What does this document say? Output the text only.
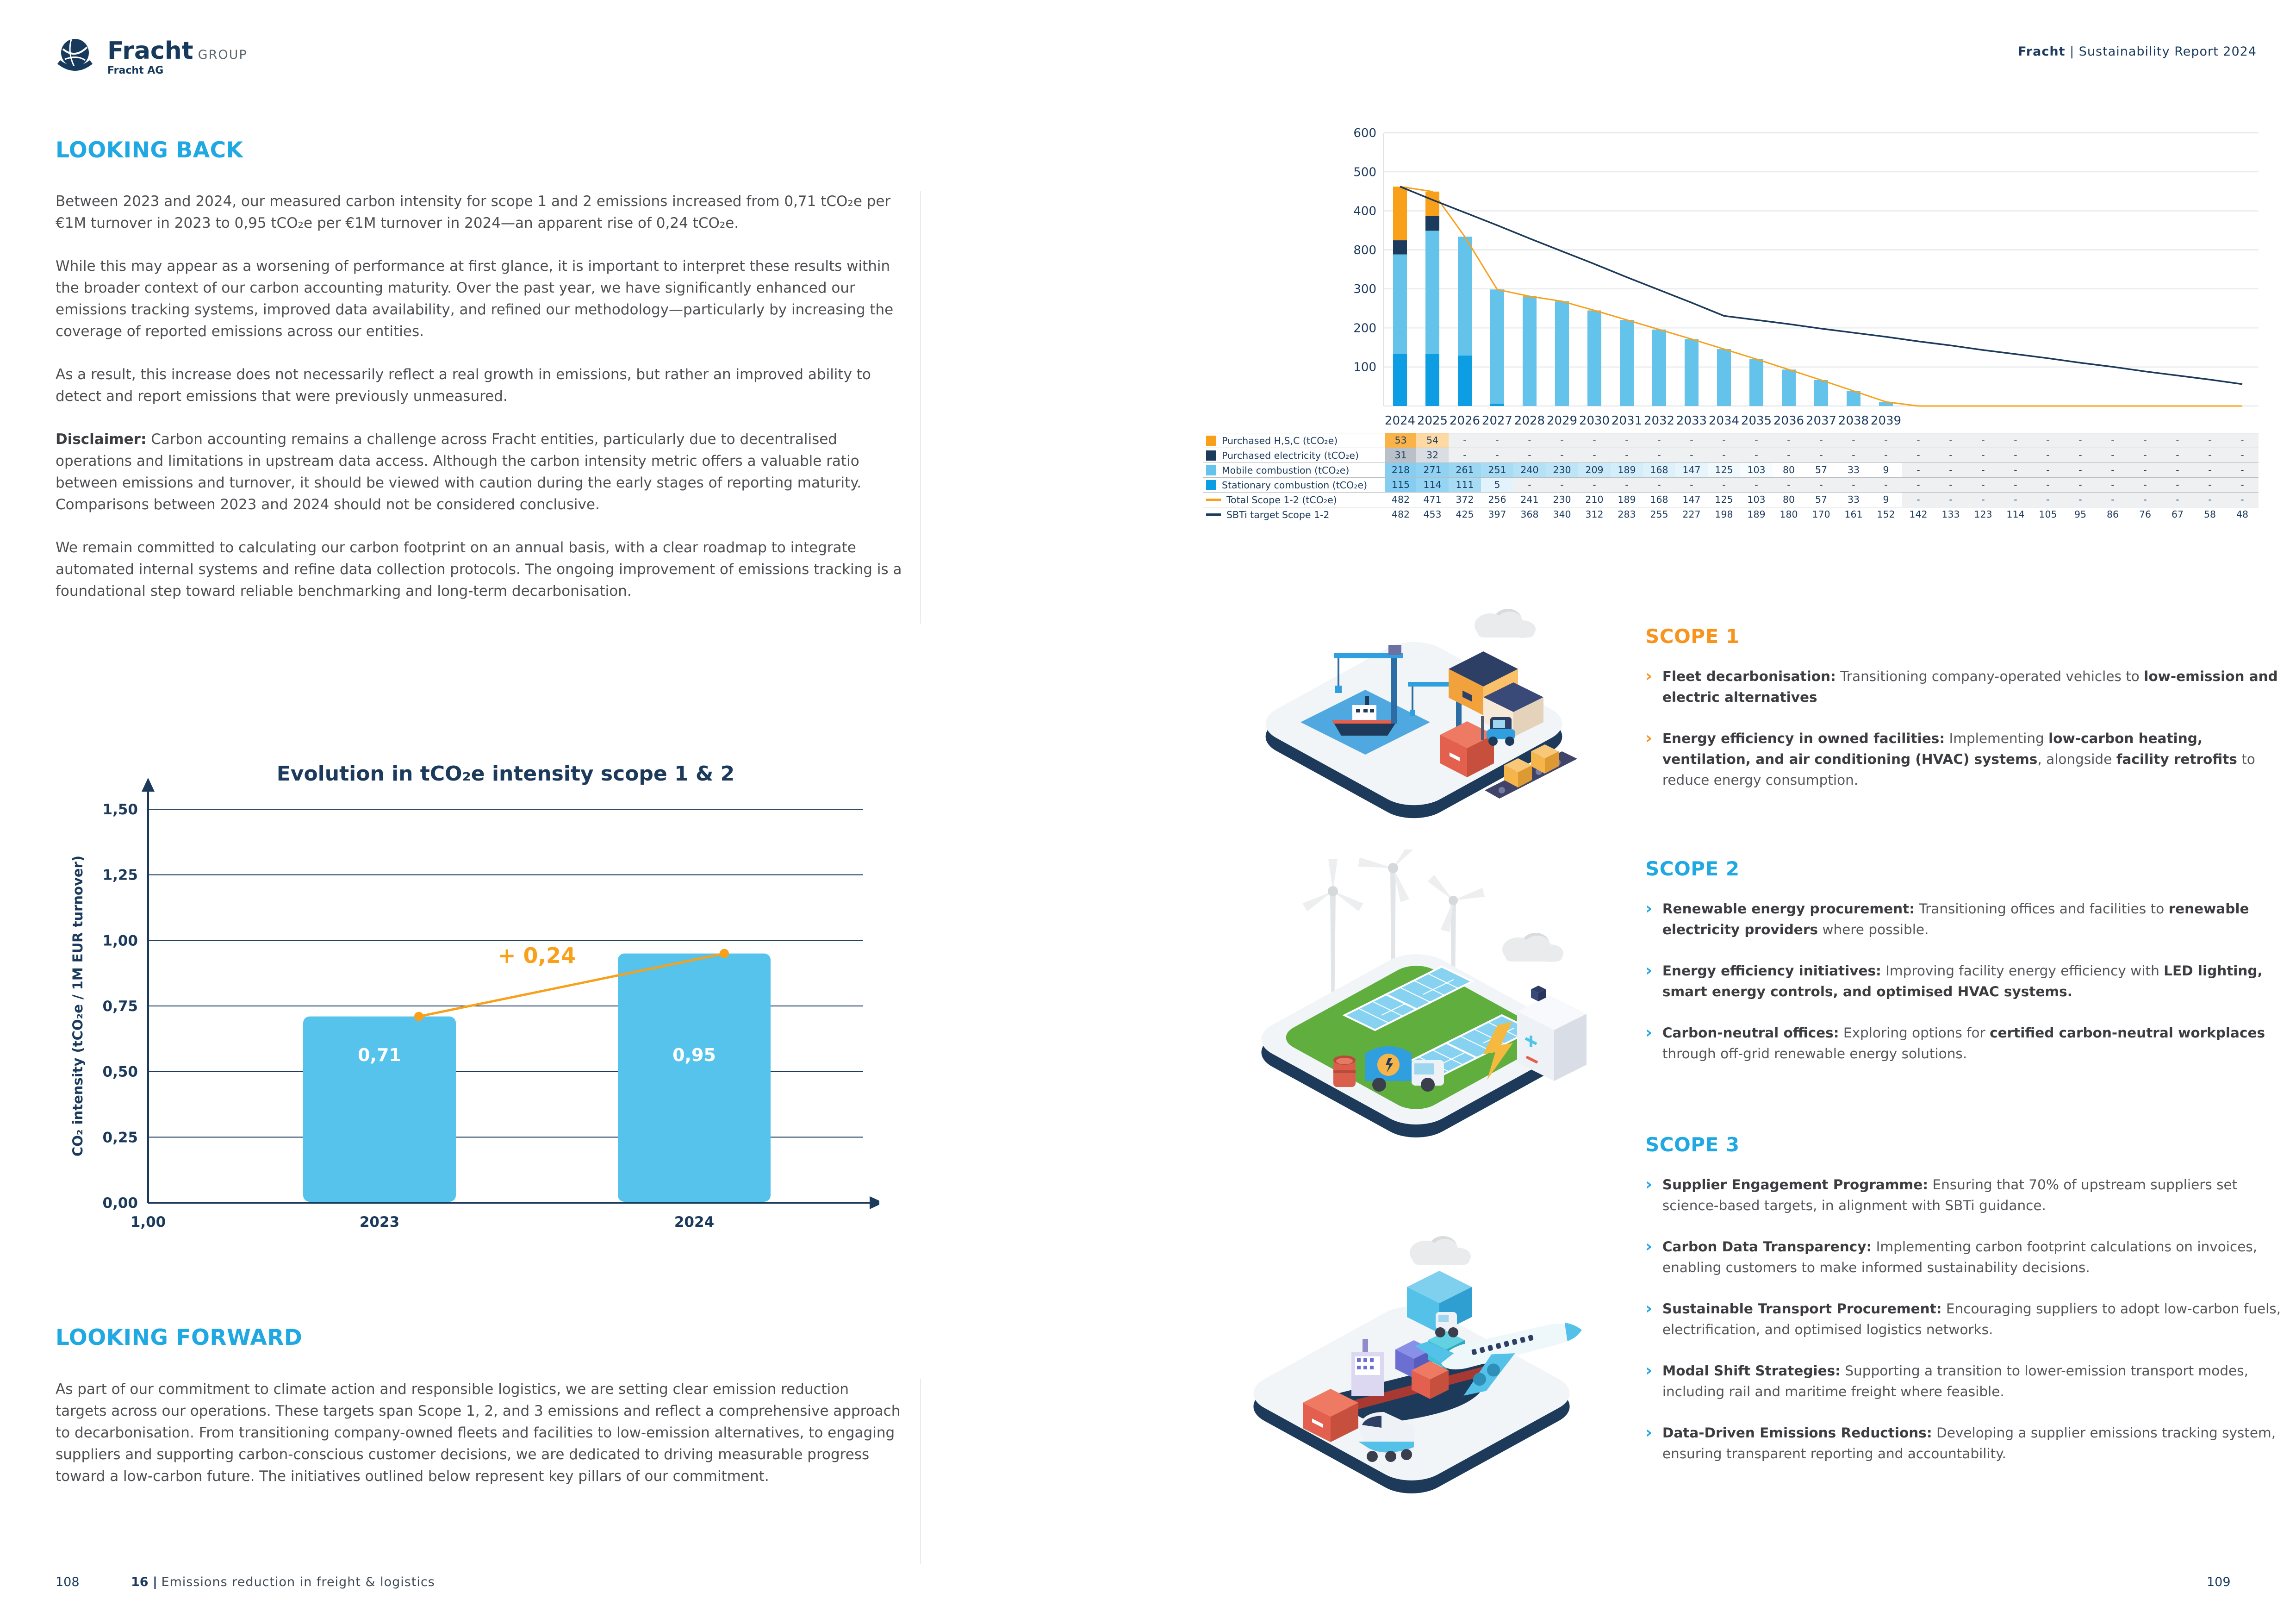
Fracht GROUP
Fracht AG
Fracht | Sustainability Report 2024
LOOKING BACK

Between 2023 and 2024, our measured carbon intensity for scope 1 and 2 emissions increased from 0,71 tCO₂e per €1M turnover in 2023 to 0,95 tCO₂e per €1M turnover in 2024—an apparent rise of 0,24 tCO₂e.

While this may appear as a worsening of performance at first glance, it is important to interpret these results within the broader context of our carbon accounting maturity. Over the past year, we have significantly enhanced our emissions tracking systems, improved data availability, and refined our methodology—particularly by increasing the coverage of reported emissions across our entities.

As a result, this increase does not necessarily reflect a real growth in emissions, but rather an improved ability to detect and report emissions that were previously unmeasured.

Disclaimer: Carbon accounting remains a challenge across Fracht entities, particularly due to decentralised operations and limitations in upstream data access. Although the carbon intensity metric offers a valuable ratio between emissions and turnover, it should be viewed with caution during the early stages of reporting maturity. Comparisons between 2023 and 2024 should not be considered conclusive.

We remain committed to calculating our carbon footprint on an annual basis, with a clear roadmap to integrate automated internal systems and refine data collection protocols. The ongoing improvement of emissions tracking is a foundational step toward reliable benchmarking and long-term decarbonisation.

Evolution in tCO₂e intensity scope 1 & 2
1,50
1,25
1,00
0,75
0,50
0,25
0,00
0,71	0,95
+ 0,24
1,00	2023	2024
CO₂ intensity (tCO₂e / 1M EUR turnover)
LOOKING FORWARD

As part of our commitment to climate action and responsible logistics, we are setting clear emission reduction targets across our operations. These targets span Scope 1, 2, and 3 emissions and reflect a comprehensive approach to decarbonisation. From transitioning company-owned fleets and facilities to low-emission alternatives, to engaging suppliers and supporting carbon-conscious customer decisions, we are dedicated to driving measurable progress toward a low-carbon future. The initiatives outlined below represent key pillars of our commitment.

108	16 | Emissions reduction in freight & logistics
600
500
400
800
300
200
100
2024 2025 2026 2027 2028 2029 2030 2031 2032 2033 2034 2035 2036 2037 2038 2039
Purchased H,S,C (tCO₂e)	53	54	-	-	-	-	-	-	-	-	-	-	-	-	-	-	-	-	-	-	-	-	-	-	-	-	-
Purchased electricity (tCO₂e)	31	32	-	-	-	-	-	-	-	-	-	-	-	-	-	-	-	-	-	-	-	-	-	-	-	-	-
Mobile combustion (tCO₂e)	218	271	261	251	240	230	209	189	168	147	125	103	80	57	33	9	-	-	-	-	-	-	-	-	-	-	-
Stationary combustion (tCO₂e)	115	114	111	5	-	-	-	-	-	-	-	-	-	-	-	-	-	-	-	-	-	-	-	-	-	-	-
Total Scope 1-2 (tCO₂e)	482	471	372	256	241	230	210	189	168	147	125	103	80	57	33	9	-	-	-	-	-	-	-	-	-	-	-
SBTi target Scope 1-2	482	453	425	397	368	340	312	283	255	227	198	189	180	170	161	152	142	133	123	114	105	95	86	76	67	58	48
SCOPE 1
› Fleet decarbonisation: Transitioning company-operated vehicles to low-emission and electric alternatives
› Energy efficiency in owned facilities: Implementing low-carbon heating, ventilation, and air conditioning (HVAC) systems, alongside facility retrofits to reduce energy consumption.
SCOPE 2
› Renewable energy procurement: Transitioning offices and facilities to renewable electricity providers where possible.
› Energy efficiency initiatives: Improving facility energy efficiency with LED lighting, smart energy controls, and optimised HVAC systems.
› Carbon-neutral offices: Exploring options for certified carbon-neutral workplaces through off-grid renewable energy solutions.
SCOPE 3
› Supplier Engagement Programme: Ensuring that 70% of upstream suppliers set science-based targets, in alignment with SBTi guidance.
› Carbon Data Transparency: Implementing carbon footprint calculations on invoices, enabling customers to make informed sustainability decisions.
› Sustainable Transport Procurement: Encouraging suppliers to adopt low-carbon fuels, electrification, and optimised logistics networks.
› Modal Shift Strategies: Supporting a transition to lower-emission transport modes, including rail and maritime freight where feasible.
› Data-Driven Emissions Reductions: Developing a supplier emissions tracking system, ensuring transparent reporting and accountability.
109
